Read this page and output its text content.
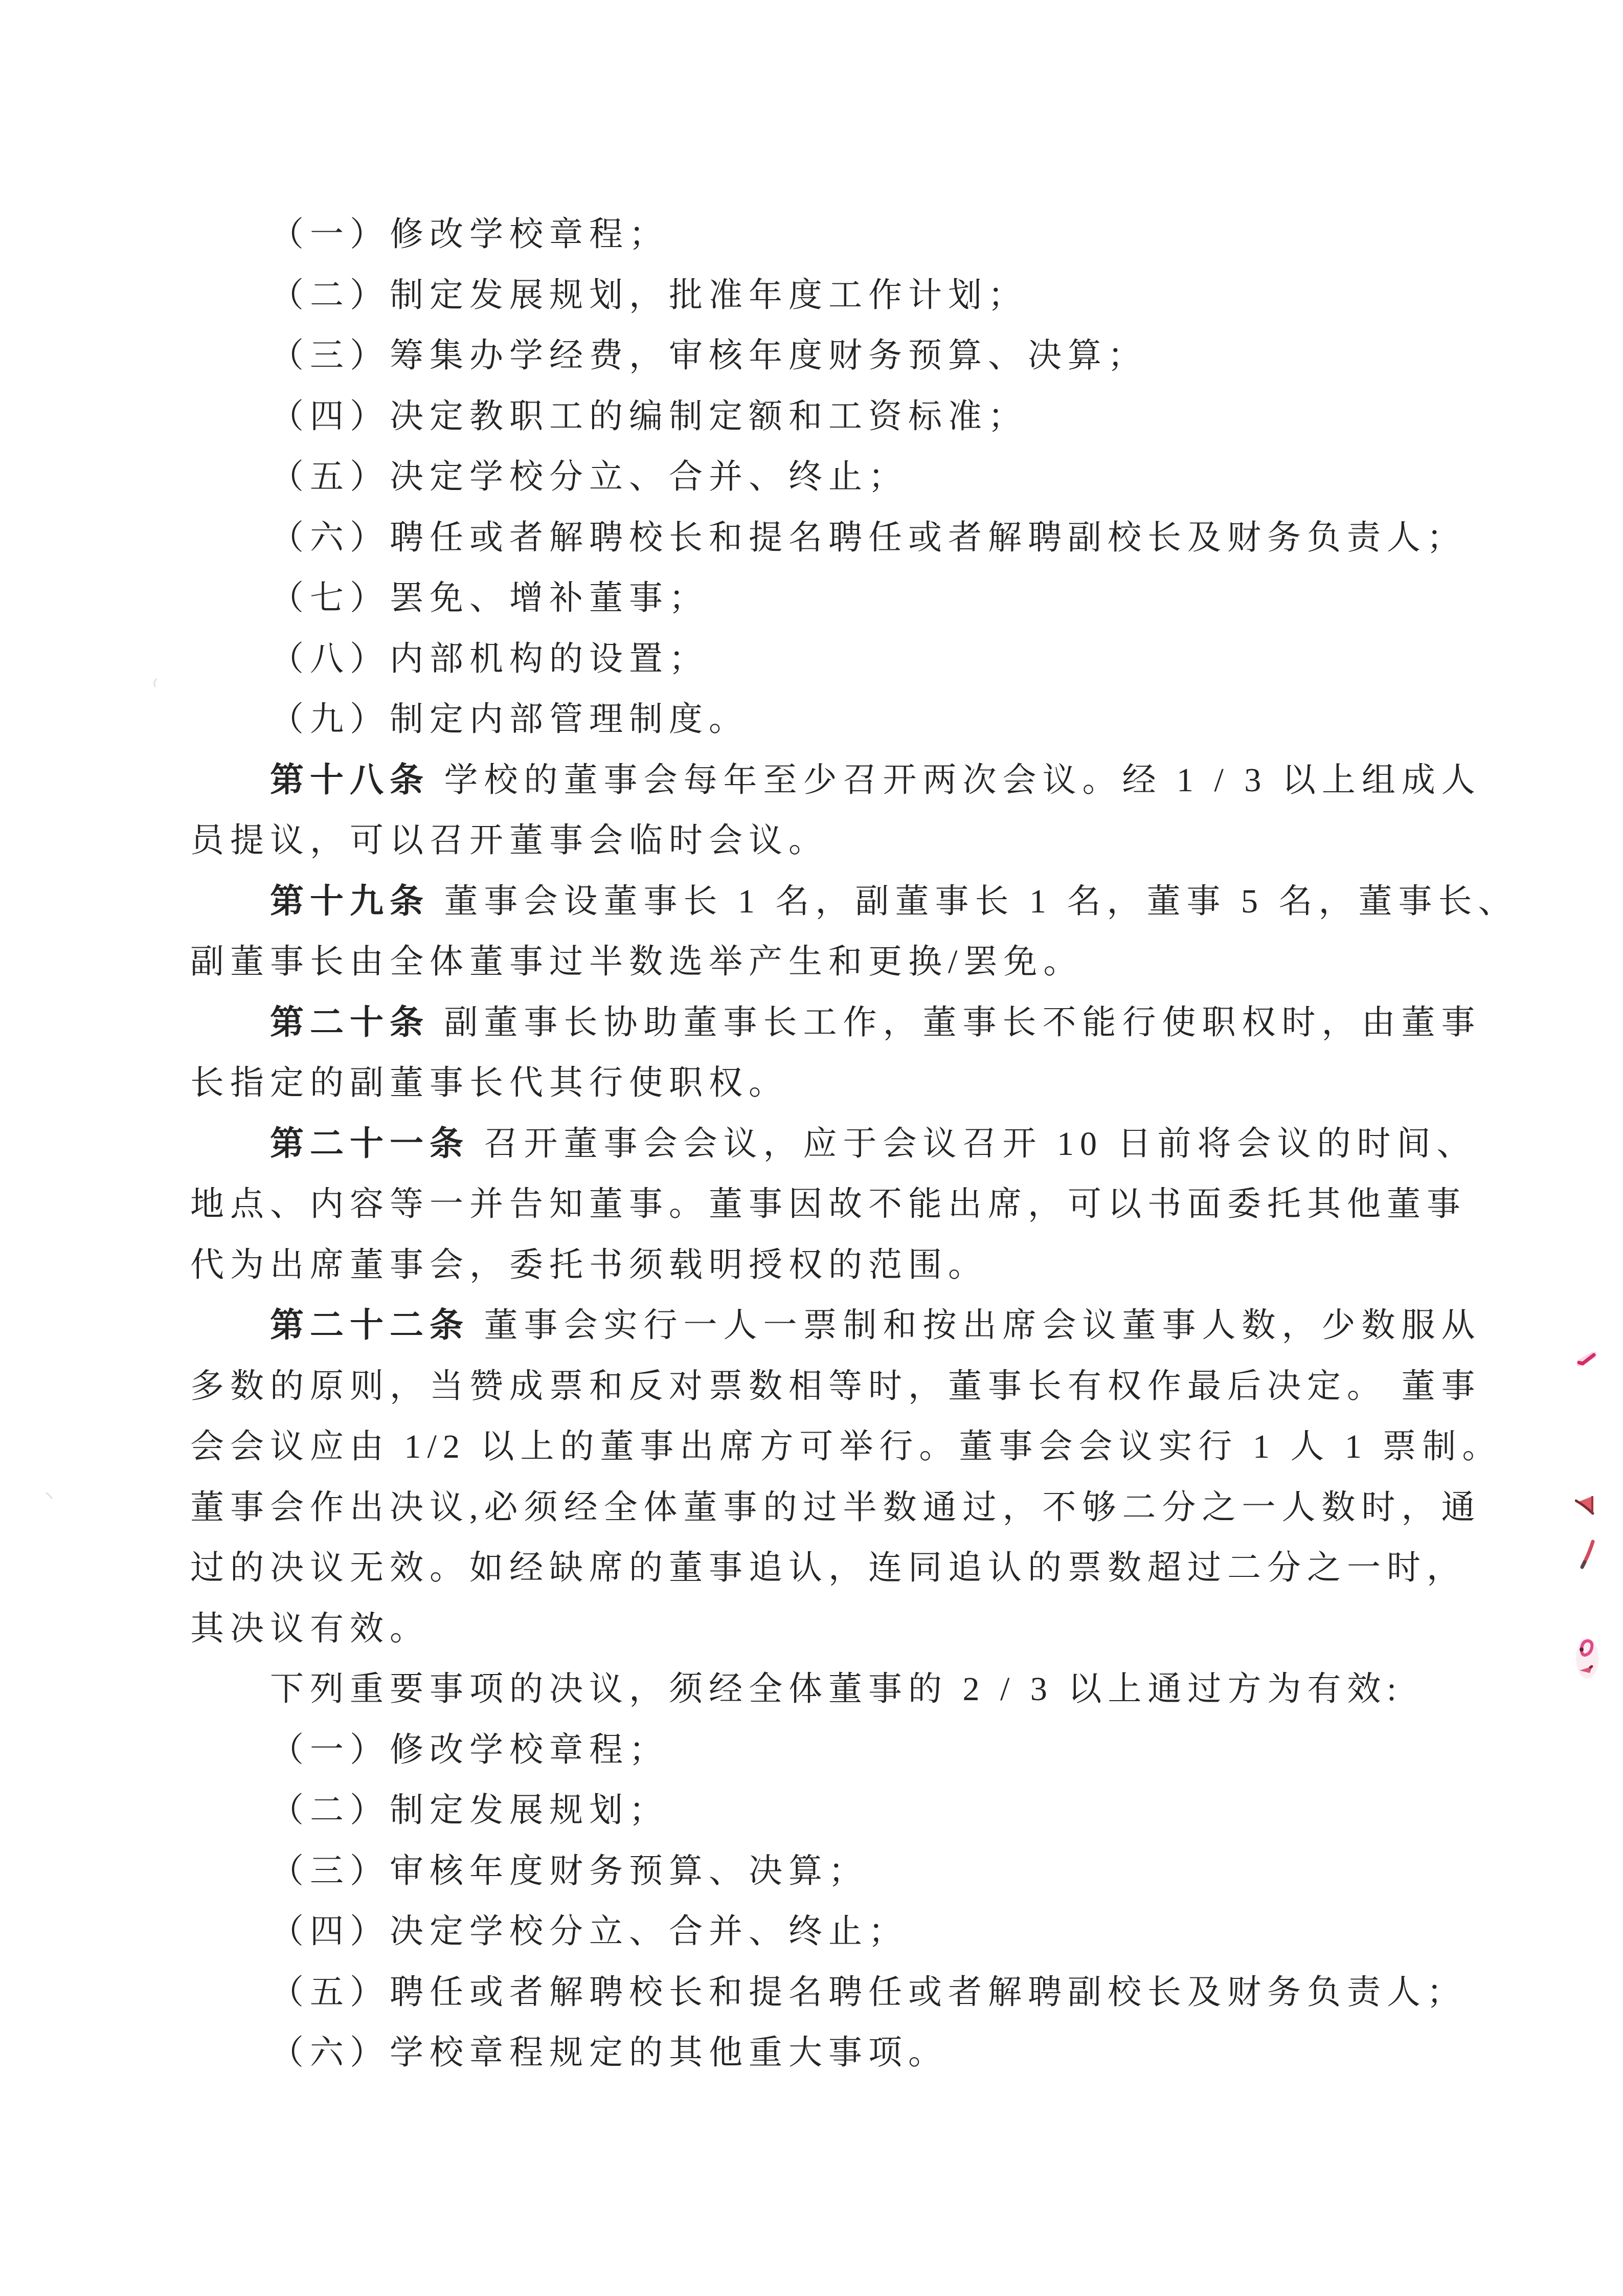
（一）修改学校章程；
（二）制定发展规划，批准年度工作计划；
（三）筹集办学经费，审核年度财务预算、决算；
（四）决定教职工的编制定额和工资标准；
（五）决定学校分立、合并、终止；
（六）聘任或者解聘校长和提名聘任或者解聘副校长及财务负责人；
（七）罢免、增补董事；
（八）内部机构的设置；
（九）制定内部管理制度。
第十八条 学校的董事会每年至少召开两次会议。经 1 / 3 以上组成人
员提议，可以召开董事会临时会议。
第十九条 董事会设董事长 1 名，副董事长 1 名，董事 5 名，董事长、
副董事长由全体董事过半数选举产生和更换/罢免。
第二十条 副董事长协助董事长工作，董事长不能行使职权时，由董事
长指定的副董事长代其行使职权。
第二十一条 召开董事会会议，应于会议召开 10 日前将会议的时间、
地点、内容等一并告知董事。董事因故不能出席，可以书面委托其他董事
代为出席董事会，委托书须载明授权的范围。
第二十二条 董事会实行一人一票制和按出席会议董事人数，少数服从
多数的原则，当赞成票和反对票数相等时，董事长有权作最后决定。 董事
会会议应由 1/2 以上的董事出席方可举行。董事会会议实行 1 人 1 票制。
董事会作出决议,必须经全体董事的过半数通过，不够二分之一人数时，通
过的决议无效。如经缺席的董事追认，连同追认的票数超过二分之一时，
其决议有效。
下列重要事项的决议，须经全体董事的 2 / 3 以上通过方为有效:
（一）修改学校章程；
（二）制定发展规划；
（三）审核年度财务预算、决算；
（四）决定学校分立、合并、终止；
（五）聘任或者解聘校长和提名聘任或者解聘副校长及财务负责人；
（六）学校章程规定的其他重大事项。
